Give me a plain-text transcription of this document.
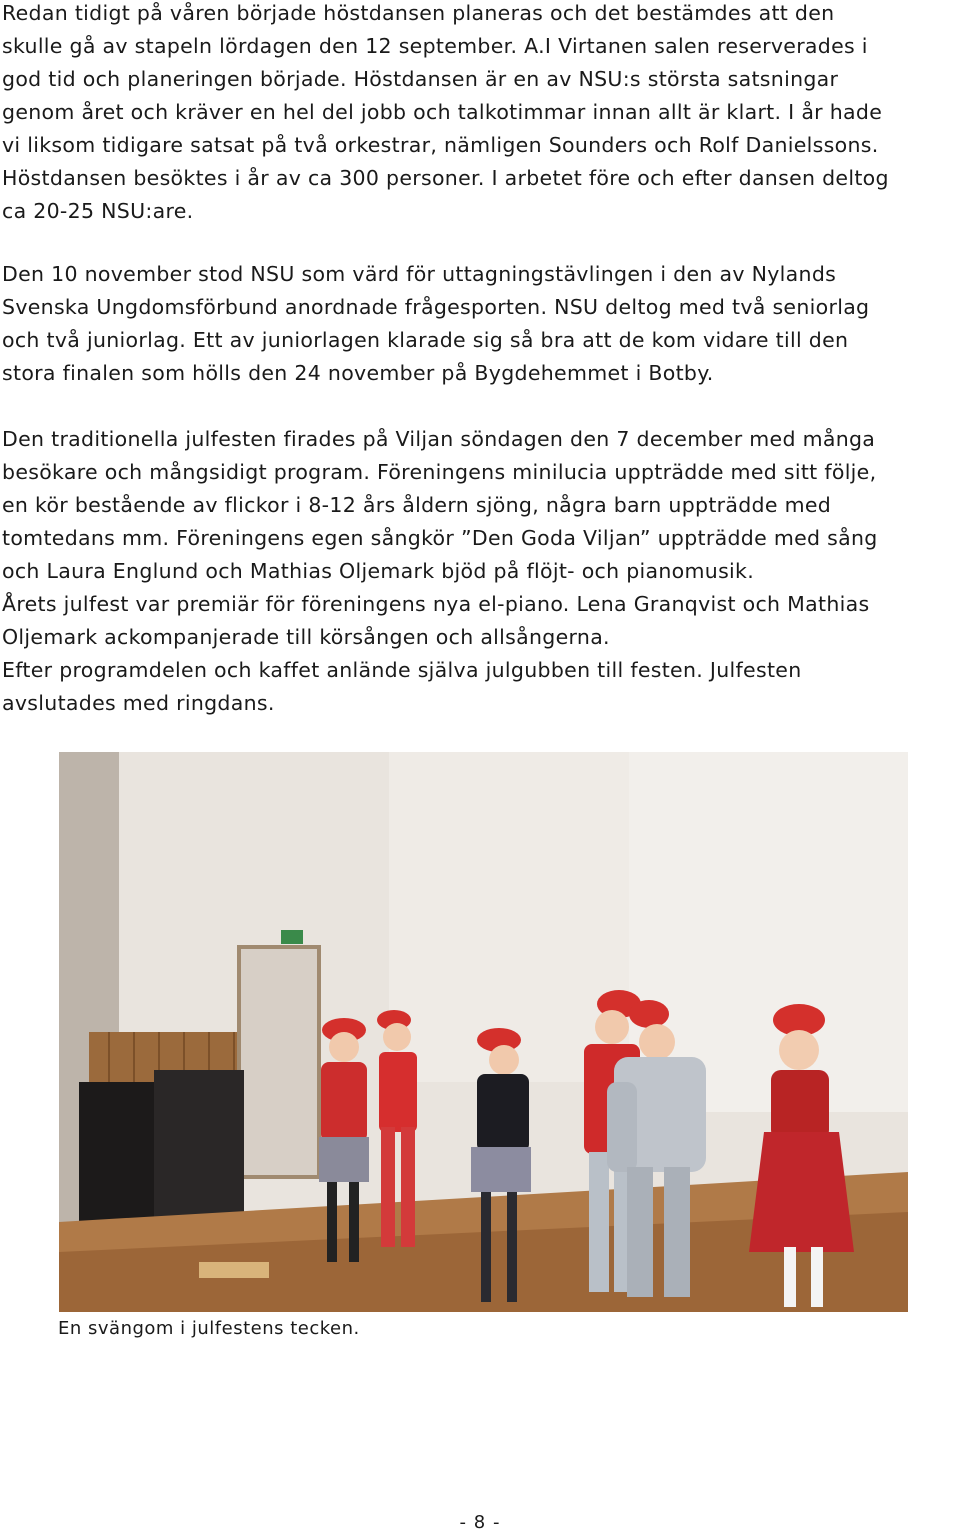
Redan tidigt på våren började höstdansen planeras och det bestämdes att den
skulle gå av stapeln lördagen den 12 september. A.I Virtanen salen reserverades i
god tid och planeringen började. Höstdansen är en av NSU:s största satsningar
genom året och kräver en hel del jobb och talkotimmar innan allt är klart. I år hade
vi liksom tidigare satsat på två orkestrar, nämligen Sounders och Rolf Danielssons.
Höstdansen besöktes i år av ca 300 personer. I arbetet före och efter dansen deltog
ca 20-25 NSU:are.
Den 10 november stod NSU som värd för uttagningstävlingen i den av Nylands
Svenska Ungdomsförbund anordnade frågesporten. NSU deltog med två seniorlag
och två juniorlag. Ett av juniorlagen klarade sig så bra att de kom vidare till den
stora finalen som hölls den 24 november på Bygdehemmet i Botby.
Den traditionella julfesten firades på Viljan söndagen den 7 december med många
besökare och mångsidigt program. Föreningens minilucia uppträdde med sitt följe,
en kör bestående av flickor i 8-12 års åldern sjöng, några barn uppträdde med
tomtedans mm. Föreningens egen sångkör ”Den Goda Viljan” uppträdde med sång
och Laura Englund och Mathias Oljemark bjöd på flöjt- och pianomusik.
Årets julfest var premiär för föreningens nya el-piano. Lena Granqvist och Mathias
Oljemark ackompanjerade till körsången och allsångerna.
Efter programdelen och kaffet anlände själva julgubben till festen. Julfesten
avslutades med ringdans.

En svängom i julfestens tecken.

- 8 -
